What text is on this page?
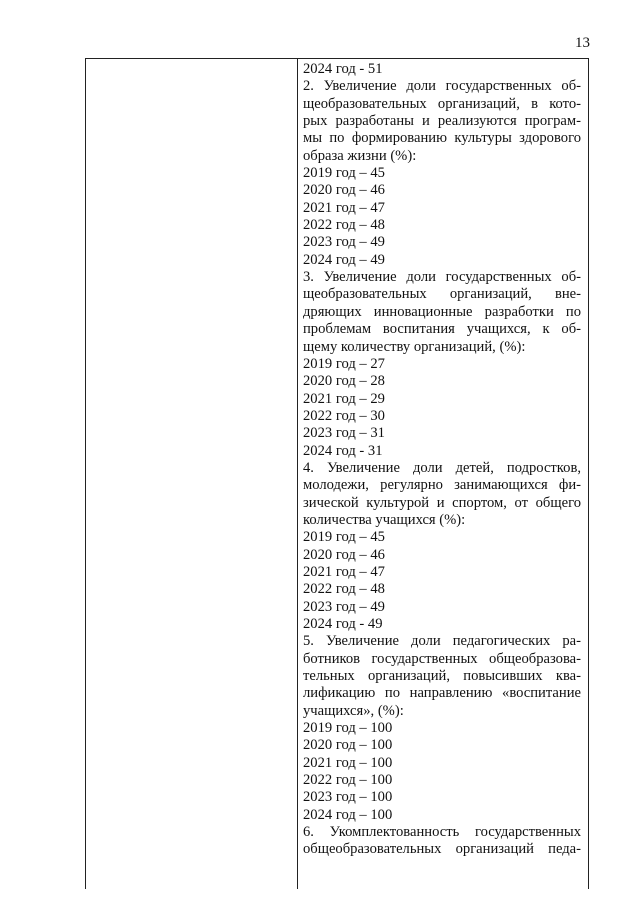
13
2024 год - 51
2. Увеличение доли государственных об-
щеобразовательных организаций, в кото-
рых разработаны и реализуются програм-
мы по формированию культуры здорового
образа жизни (%):
2019 год – 45
2020 год – 46
2021 год – 47
2022 год – 48
2023 год – 49
2024 год – 49
3. Увеличение доли государственных об-
щеобразовательных организаций, вне-
дряющих инновационные разработки по
проблемам воспитания учащихся, к об-
щему количеству организаций, (%):
2019 год – 27
2020 год – 28
2021 год – 29
2022 год – 30
2023 год – 31
2024 год - 31
4. Увеличение доли детей, подростков,
молодежи, регулярно занимающихся фи-
зической культурой и спортом, от общего
количества учащихся (%):
2019 год – 45
2020 год – 46
2021 год – 47
2022 год – 48
2023 год – 49
2024 год - 49
5. Увеличение доли педагогических ра-
ботников государственных общеобразова-
тельных организаций, повысивших ква-
лификацию по направлению «воспитание
учащихся», (%):
2019 год – 100
2020 год – 100
2021 год – 100
2022 год – 100
2023 год – 100
2024 год – 100
6. Укомплектованность государственных
общеобразовательных организаций педа-
